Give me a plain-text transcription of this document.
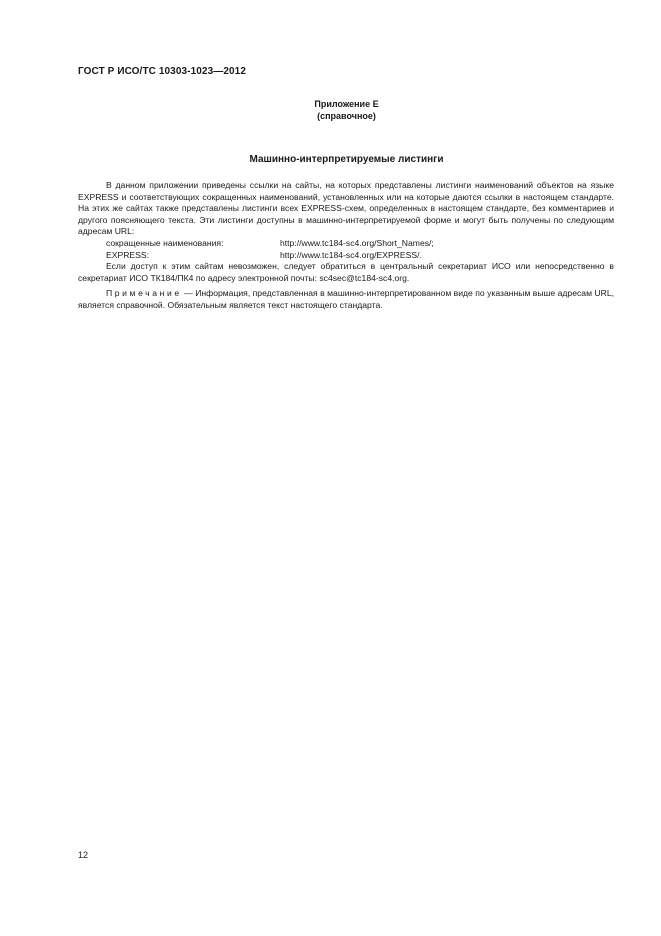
ГОСТ Р ИСО/ТС 10303-1023—2012
Приложение Е
(справочное)
Машинно-интерпретируемые листинги

В данном приложении приведены ссылки на сайты, на которых представлены листинги наименований объектов на языке EXPRESS и соответствующих сокращенных наименований, установленных или на которые даются ссылки в настоящем стандарте. На этих же сайтах также представлены листинги всех EXPRESS-схем, определенных в настоящем стандарте, без комментариев и другого поясняющего текста. Эти листинги доступны в машинно-интерпретируемой форме и могут быть получены по следующим адресам URL:

сокращенные наименования:	http://www.tc184-sc4.org/Short_Names/;
EXPRESS:	http://www.tc184-sc4.org/EXPRESS/.

Если доступ к этим сайтам невозможен, следует обратиться в центральный секретариат ИСО или непосредственно в секретариат ИСО ТК184/ПК4 по адресу электронной почты: sc4sec@tc184-sc4.org.

Примечание — Информация, представленная в машинно-интерпретированном виде по указанным выше адресам URL, является справочной. Обязательным является текст настоящего стандарта.

12
